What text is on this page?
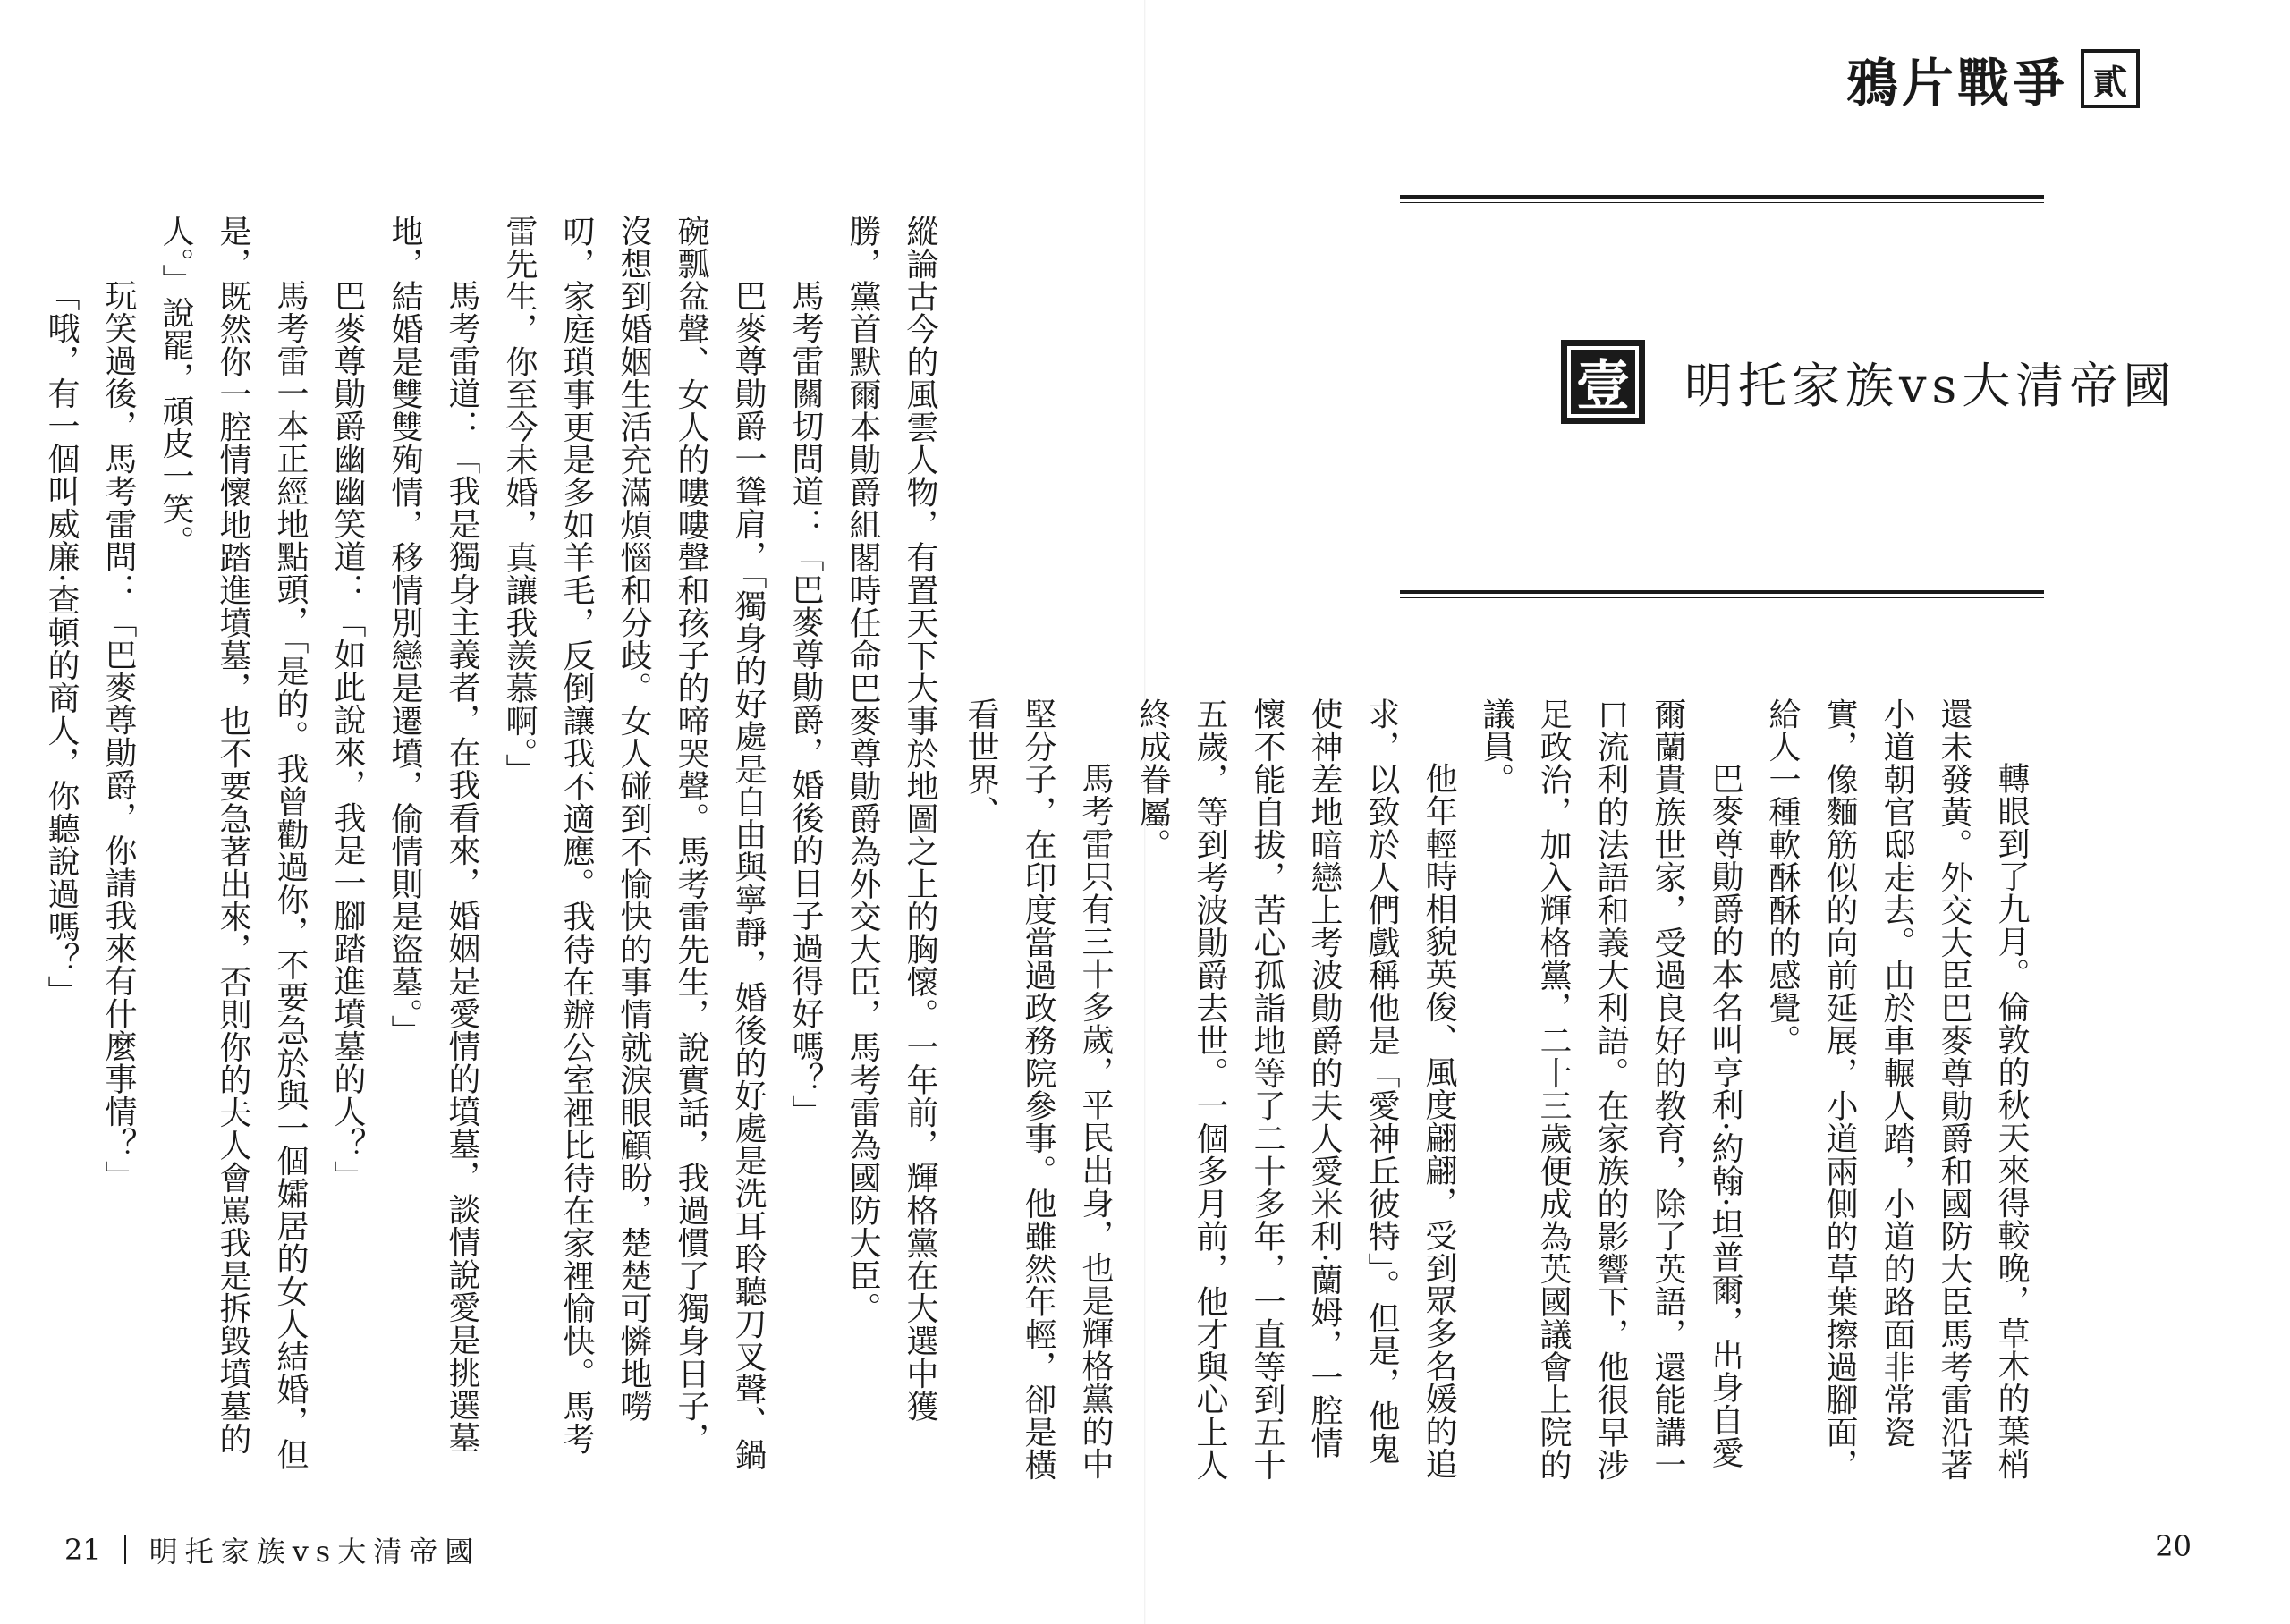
縱論古今的風雲人物，有置天下大事於地圖之上的胸懷。一年前，輝格黨在大選中獲勝，黨首默爾本勛爵組閣時任命巴麥尊勛爵為外交大臣，馬考雷為國防大臣。

馬考雷關切問道：「巴麥尊勛爵，婚後的日子過得好嗎？」

巴麥尊勛爵一聳肩，「獨身的好處是自由與寧靜，婚後的好處是洗耳聆聽刀叉聲、鍋碗瓢盆聲、女人的嘍嘍聲和孩子的啼哭聲。馬考雷先生，說實話，我過慣了獨身日子，沒想到婚姻生活充滿煩惱和分歧。女人碰到不愉快的事情就淚眼顧盼，楚楚可憐地嘮叨，家庭瑣事更是多如羊毛，反倒讓我不適應。我待在辦公室裡比待在家裡愉快。馬考雷先生，你至今未婚，真讓我羨慕啊。」

馬考雷道：「我是獨身主義者，在我看來，婚姻是愛情的墳墓，談情說愛是挑選墓地，結婚是雙雙殉情，移情別戀是遷墳，偷情則是盜墓。」

巴麥尊勛爵幽幽笑道：「如此說來，我是一腳踏進墳墓的人？」

馬考雷一本正經地點頭，「是的。我曾勸過你，不要急於與一個孀居的女人結婚，但是，既然你一腔情懷地踏進墳墓，也不要急著出來，否則你的夫人會罵我是拆毀墳墓的人。」說罷，頑皮一笑。

玩笑過後，馬考雷問：「巴麥尊勛爵，你請我來有什麼事情？」

「哦，有一個叫威廉·查頓的商人，你聽說過嗎？」

21 明托家族vs大清帝國
鴉片戰爭 貳
壹	明托家族vs大清帝國

轉眼到了九月。倫敦的秋天來得較晚，草木的葉梢還未發黃。外交大臣巴麥尊勛爵和國防大臣馬考雷沿著小道朝官邸走去。由於車輾人踏，小道的路面非常瓷實，像麵筋似的向前延展，小道兩側的草葉擦過腳面，給人一種軟酥酥的感覺。

巴麥尊勛爵的本名叫亨利·約翰·坦普爾，出身自愛爾蘭貴族世家，受過良好的教育，除了英語，還能講一口流利的法語和義大利語。在家族的影響下，他很早涉足政治，加入輝格黨，二十三歲便成為英國議會上院的議員。

他年輕時相貌英俊、風度翩翩，受到眾多名媛的追求，以致於人們戲稱他是「愛神丘彼特」。但是，他鬼使神差地暗戀上考波勛爵的夫人愛米利·蘭姆，一腔情懷不能自拔，苦心孤詣地等了二十多年，一直等到五十五歲，等到考波勛爵去世。一個多月前，他才與心上人終成眷屬。

馬考雷只有三十多歲，平民出身，也是輝格黨的中堅分子，在印度當過政務院參事。他雖然年輕，卻是橫看世界、

20
